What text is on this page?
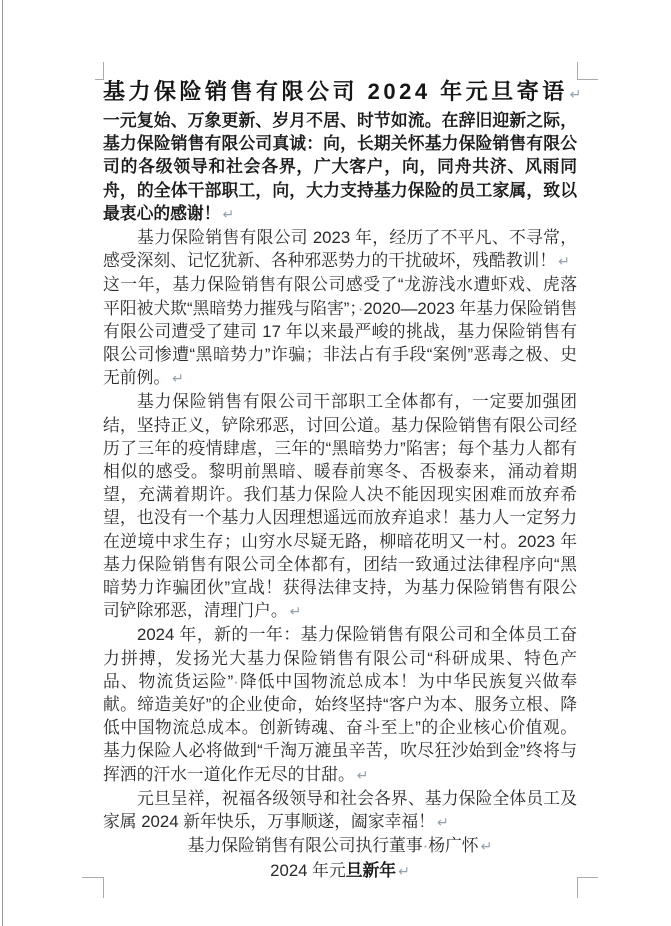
基力保险销售有限公司 2024 年元旦寄语 ↵

一元复始、万象更新、岁月不居、时节如流。在辞旧迎新之际，基力保险销售有限公司真诚：向，长期关怀基力保险销售有限公司的各级领导和社会各界，广大客户，向，同舟共济、风雨同舟，的全体干部职工，向，大力支持基力保险的员工家属，致以最衷心的感谢！ ↵

基力保险销售有限公司 2023 年，经历了不平凡、不寻常，感受深刻、记忆犹新、各种邪恶势力的干扰破坏，残酷教训！ ↵

这一年，基力保险销售有限公司感受了“龙游浅水遭虾戏、虎落平阳被犬欺“黑暗势力摧残与陷害”；·2020—2023 年基力保险销售有限公司遭受了建司 17 年以来最严峻的挑战，基力保险销售有限公司惨遭“黑暗势力”诈骗；非法占有手段“案例”恶毒之极、史无前例。 ↵

基力保险销售有限公司干部职工全体都有，一定要加强团结，坚持正义，铲除邪恶，讨回公道。基力保险销售有限公司经历了三年的疫情肆虐，三年的“黑暗势力”陷害；每个基力人都有相似的感受。黎明前黑暗、暖春前寒冬、否极泰来，涌动着期望，充满着期许。我们基力保险人决不能因现实困难而放弃希望，也没有一个基力人因理想遥远而放弃追求！基力人一定努力在逆境中求生存；山穷水尽疑无路，柳暗花明又一村。2023 年基力保险销售有限公司全体都有，团结一致通过法律程序向“黑暗势力诈骗团伙”宣战！获得法律支持，为基力保险销售有限公司铲除邪恶，清理门户。 ↵

2024 年，新的一年：基力保险销售有限公司和全体员工奋力拼搏，发扬光大基力保险销售有限公司“科研成果、特色产品、物流货运险”·降低中国物流总成本！为中华民族复兴做奉献。缔造美好”的企业使命，始终坚持“客户为本、服务立根、降低中国物流总成本。创新铸魂、奋斗至上”的企业核心价值观。基力保险人必将做到“千淘万漉虽辛苦，吹尽狂沙始到金”终将与挥洒的汗水一道化作无尽的甘甜。 ↵

元旦呈祥，祝福各级领导和社会各界、基力保险全体员工及家属 2024 新年快乐，万事顺遂，阖家幸福！ ↵

基力保险销售有限公司执行董事·杨广怀 ↵

2024 年元旦新年 ↵
